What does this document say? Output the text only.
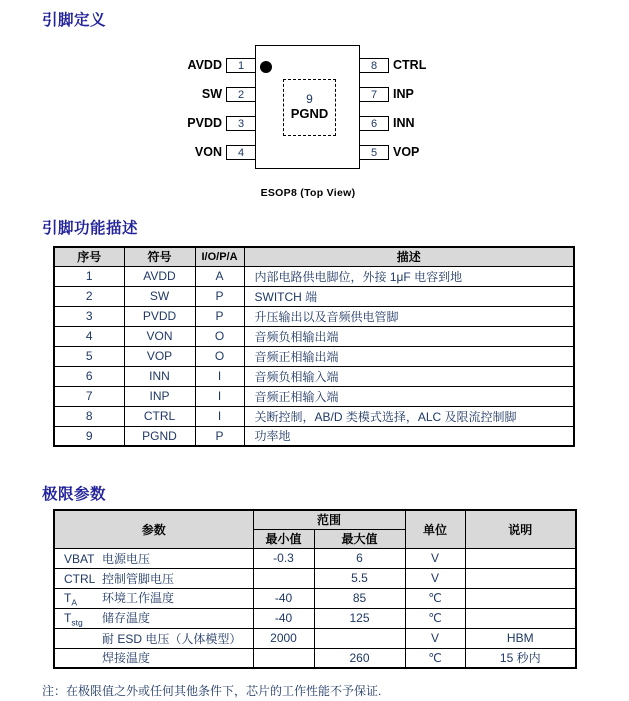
引脚定义
9
PGND
AVDD	1
SW	2
PVDD	3
VON	4
8	CTRL
7	INP
6	INN
5	VOP
ESOP8 (Top View)
引脚功能描述
序号	符号	I/O/P/A	描述
1	AVDD	A	内部电路供电脚位，外接 1μF 电容到地
2	SW	P	SWITCH 端
3	PVDD	P	升压输出以及音频供电管脚
4	VON	O	音频负相输出端
5	VOP	O	音频正相输出端
6	INN	I	音频负相输入端
7	INP	I	音频正相输入端
8	CTRL	I	关断控制，AB/D 类模式选择，ALC 及限流控制脚
9	PGND	P	功率地
极限参数
参数	范围		单位	说明
	最小值	最大值		
VBAT 电源电压	-0.3	6	V	
CTRL 控制管脚电压		5.5	V	
$T_A$ 环境工作温度	-40	85	℃	
$T_{stg}$ 储存温度	-40	125	℃	
耐 ESD 电压（人体模型）	2000		V	HBM
焊接温度		260	℃	15 秒内
注：在极限值之外或任何其他条件下，芯片的工作性能不予保证.
